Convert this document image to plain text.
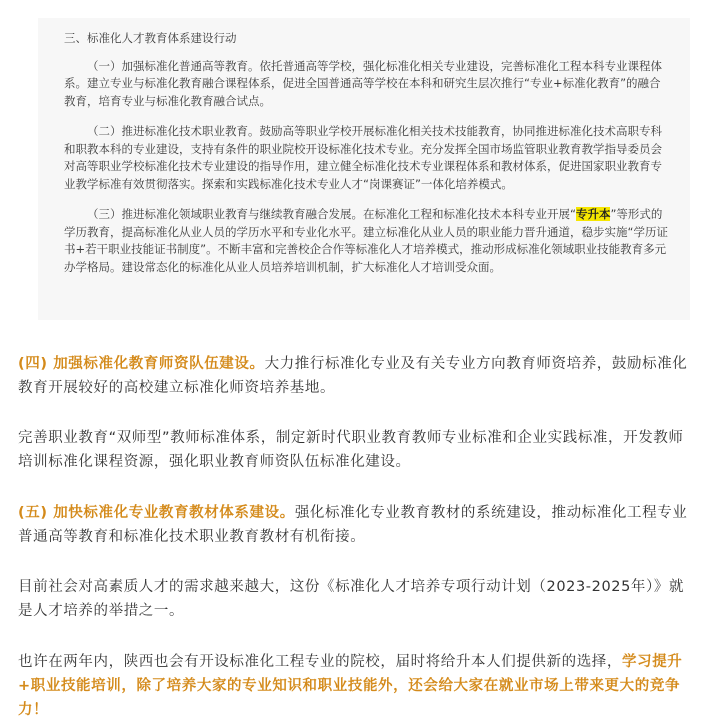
三、标准化人才教育体系建设行动

（一）加强标准化普通高等教育。依托普通高等学校，强化标准化相关专业建设，完善标准化工程本科专业课程体系。建立专业与标准化教育融合课程体系，促进全国普通高等学校在本科和研究生层次推行“专业+标准化教育”的融合教育，培育专业与标准化教育融合试点。

（二）推进标准化技术职业教育。鼓励高等职业学校开展标准化相关技术技能教育，协同推进标准化技术高职专科和职教本科的专业建设，支持有条件的职业院校开设标准化技术专业。充分发挥全国市场监管职业教育教学指导委员会对高等职业学校标准化技术专业建设的指导作用，建立健全标准化技术专业课程体系和教材体系，促进国家职业教育专业教学标准有效贯彻落实。探索和实践标准化技术专业人才“岗课赛证”一体化培养模式。

（三）推进标准化领域职业教育与继续教育融合发展。在标准化工程和标准化技术本科专业开展“专升本”等形式的学历教育，提高标准化从业人员的学历水平和专业化水平。建立标准化从业人员的职业能力晋升通道，稳步实施“学历证书+若干职业技能证书制度”。不断丰富和完善校企合作等标准化人才培养模式，推动形成标准化领域职业技能教育多元办学格局。建设常态化的标准化从业人员培养培训机制，扩大标准化人才培训受众面。

(四) 加强标准化教育师资队伍建设。大力推行标准化专业及有关专业方向教育师资培养，鼓励标准化教育开展较好的高校建立标准化师资培养基地。

完善职业教育“双师型”教师标准体系，制定新时代职业教育教师专业标准和企业实践标准，开发教师培训标准化课程资源，强化职业教育师资队伍标准化建设。

(五) 加快标准化专业教育教材体系建设。强化标准化专业教育教材的系统建设，推动标准化工程专业普通高等教育和标准化技术职业教育教材有机衔接。

目前社会对高素质人才的需求越来越大，这份《标准化人才培养专项行动计划（2023-2025年）》就是人才培养的举措之一。

也许在两年内，陕西也会有开设标准化工程专业的院校，届时将给升本人们提供新的选择，学习提升+职业技能培训，除了培养大家的专业知识和职业技能外，还会给大家在就业市场上带来更大的竞争力！
